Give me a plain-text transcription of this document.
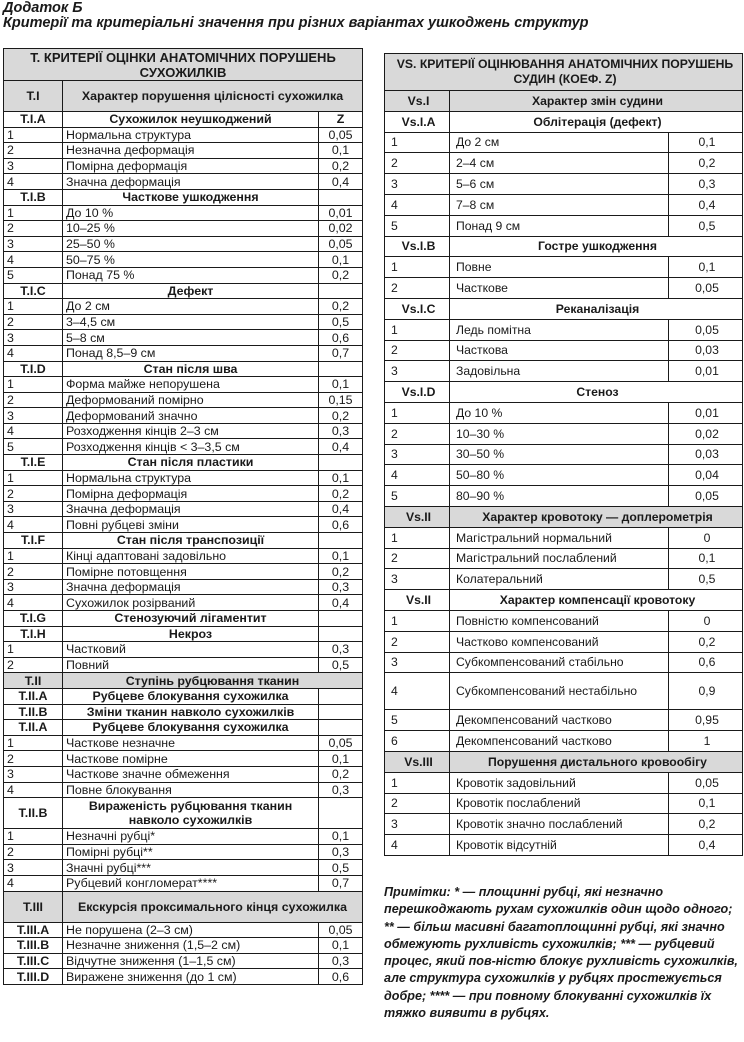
Додаток Б
Критерії та критеріальні значення при різних варіантах ушкоджень структур
Т. КРИТЕРІЇ ОЦІНКИ АНАТОМІЧНИХ ПОРУШЕНЬ СУХОЖИЛКІВ		
T.I	Характер порушення цілісності сухожилка	
T.I.A	Сухожилок неушкоджений	Z
1	Нормальна структура	0,05
2	Незначна деформація	0,1
3	Помірна деформація	0,2
4	Значна деформація	0,4
T.I.B	Часткове ушкодження	
1	До 10 %	0,01
2	10–25 %	0,02
3	25–50 %	0,05
4	50–75 %	0,1
5	Понад 75 %	0,2
T.I.C	Дефект	
1	До 2 см	0,2
2	3–4,5 см	0,5
3	5–8 см	0,6
4	Понад 8,5–9 см	0,7
T.I.D	Стан після шва	
1	Форма майже непорушена	0,1
2	Деформований помірно	0,15
3	Деформований значно	0,2
4	Розходження кінців 2–3 см	0,3
5	Розходження кінців < 3–3,5 см	0,4
T.I.E	Стан після пластики	
1	Нормальна структура	0,1
2	Помірна деформація	0,2
3	Значна деформація	0,4
4	Повні рубцеві зміни	0,6
T.I.F	Стан після транспозиції	
1	Кінці адаптовані задовільно	0,1
2	Помірне потовщення	0,2
3	Значна деформація	0,3
4	Сухожилок розірваний	0,4
T.I.G	Стенозуючий лігаментит	
T.I.H	Некроз	
1	Частковий	0,3
2	Повний	0,5
T.II	Ступінь рубцювання тканин	
T.II.A	Рубцеве блокування сухожилка	
T.II.B	Зміни тканин навколо сухожилків	
T.II.A	Рубцеве блокування сухожилка	
1	Часткове незначне	0,05
2	Часткове помірне	0,1
3	Часткове значне обмеження	0,2
4	Повне блокування	0,3
T.II.B	Вираженість рубцювання тканин навколо сухожилків	
1	Незначні рубці*	0,1
2	Помірні рубці**	0,3
3	Значні рубці***	0,5
4	Рубцевий конгломерат****	0,7
T.III	Екскурсія проксимального кінця сухожилка	
T.III.A	Не порушена (2–3 см)	0,05
T.III.B	Незначне зниження (1,5–2 см)	0,1
T.III.C	Відчутне зниження (1–1,5 см)	0,3
T.III.D	Виражене зниження (до 1 см)	0,6
VS. КРИТЕРІЇ ОЦІНЮВАННЯ АНАТОМІЧНИХ ПОРУШЕНЬ СУДИН (КОЕФ. Z)		
Vs.I	Характер змін судини	
Vs.I.A	Облітерація (дефект)	
1	До 2 см	0,1
2	2–4 см	0,2
3	5–6 см	0,3
4	7–8 см	0,4
5	Понад 9 см	0,5
Vs.I.B	Гостре ушкодження	
1	Повне	0,1
2	Часткове	0,05
Vs.I.C	Реканалізація	
1	Ледь помітна	0,05
2	Часткова	0,03
3	Задовільна	0,01
Vs.I.D	Стеноз	
1	До 10 %	0,01
2	10–30 %	0,02
3	30–50 %	0,03
4	50–80 %	0,04
5	80–90 %	0,05
Vs.II	Характер кровотоку — доплерометрія	
1	Магістральний нормальний	0
2	Магістральний послаблений	0,1
3	Колатеральний	0,5
Vs.II	Характер компенсації кровотоку	
1	Повністю компенсований	0
2	Частково компенсований	0,2
3	Субкомпенсований стабільно	0,6
4	Субкомпенсований нестабільно	0,9
5	Декомпенсований частково	0,95
6	Декомпенсований частково	1
Vs.III	Порушення дистального кровообігу	
1	Кровотік задовільний	0,05
2	Кровотік послаблений	0,1
3	Кровотік значно послаблений	0,2
4	Кровотік відсутній	0,4
Примітки: * — площинні рубці, які незначно перешкоджають рухам сухожилків один щодо одного; ** — більш масивні багатоплощинні рубці, які значно обмежують рухливість сухожилків; *** — рубцевий процес, який пов-ністю блокує рухливість сухожилків, але структура сухожилків у рубцях простежується добре; **** — при повному блокуванні сухожилків їх тяжко виявити в рубцях.
